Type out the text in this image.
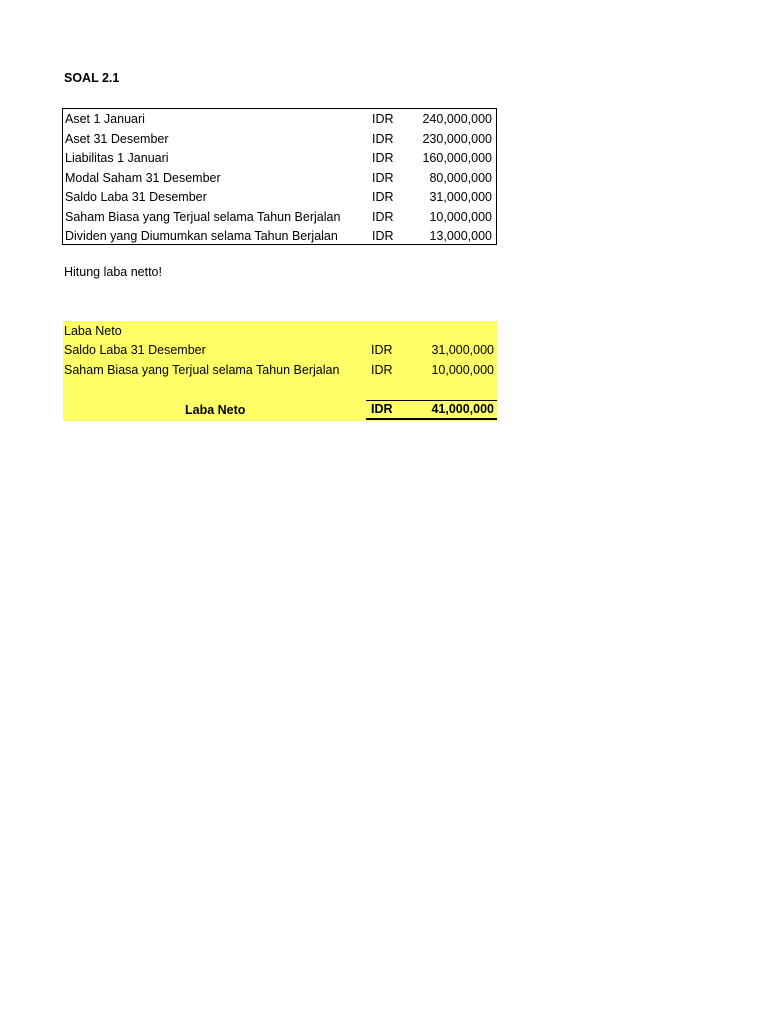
SOAL 2.1
Aset 1 Januari	IDR 240,000,000
Aset 31 Desember	IDR 230,000,000
Liabilitas 1 Januari	IDR 160,000,000
Modal Saham 31 Desember	IDR	80,000,000
Saldo Laba 31 Desember	IDR	31,000,000
Saham Biasa yang Terjual selama Tahun Berjalan	IDR	10,000,000
Dividen yang Diumumkan selama Tahun Berjalan	IDR	13,000,000
Hitung laba netto!
Laba Neto
Saldo Laba 31 Desember	IDR	31,000,000
Saham Biasa yang Terjual selama Tahun Berjalan	IDR	10,000,000
Laba Neto	IDR	41,000,000
